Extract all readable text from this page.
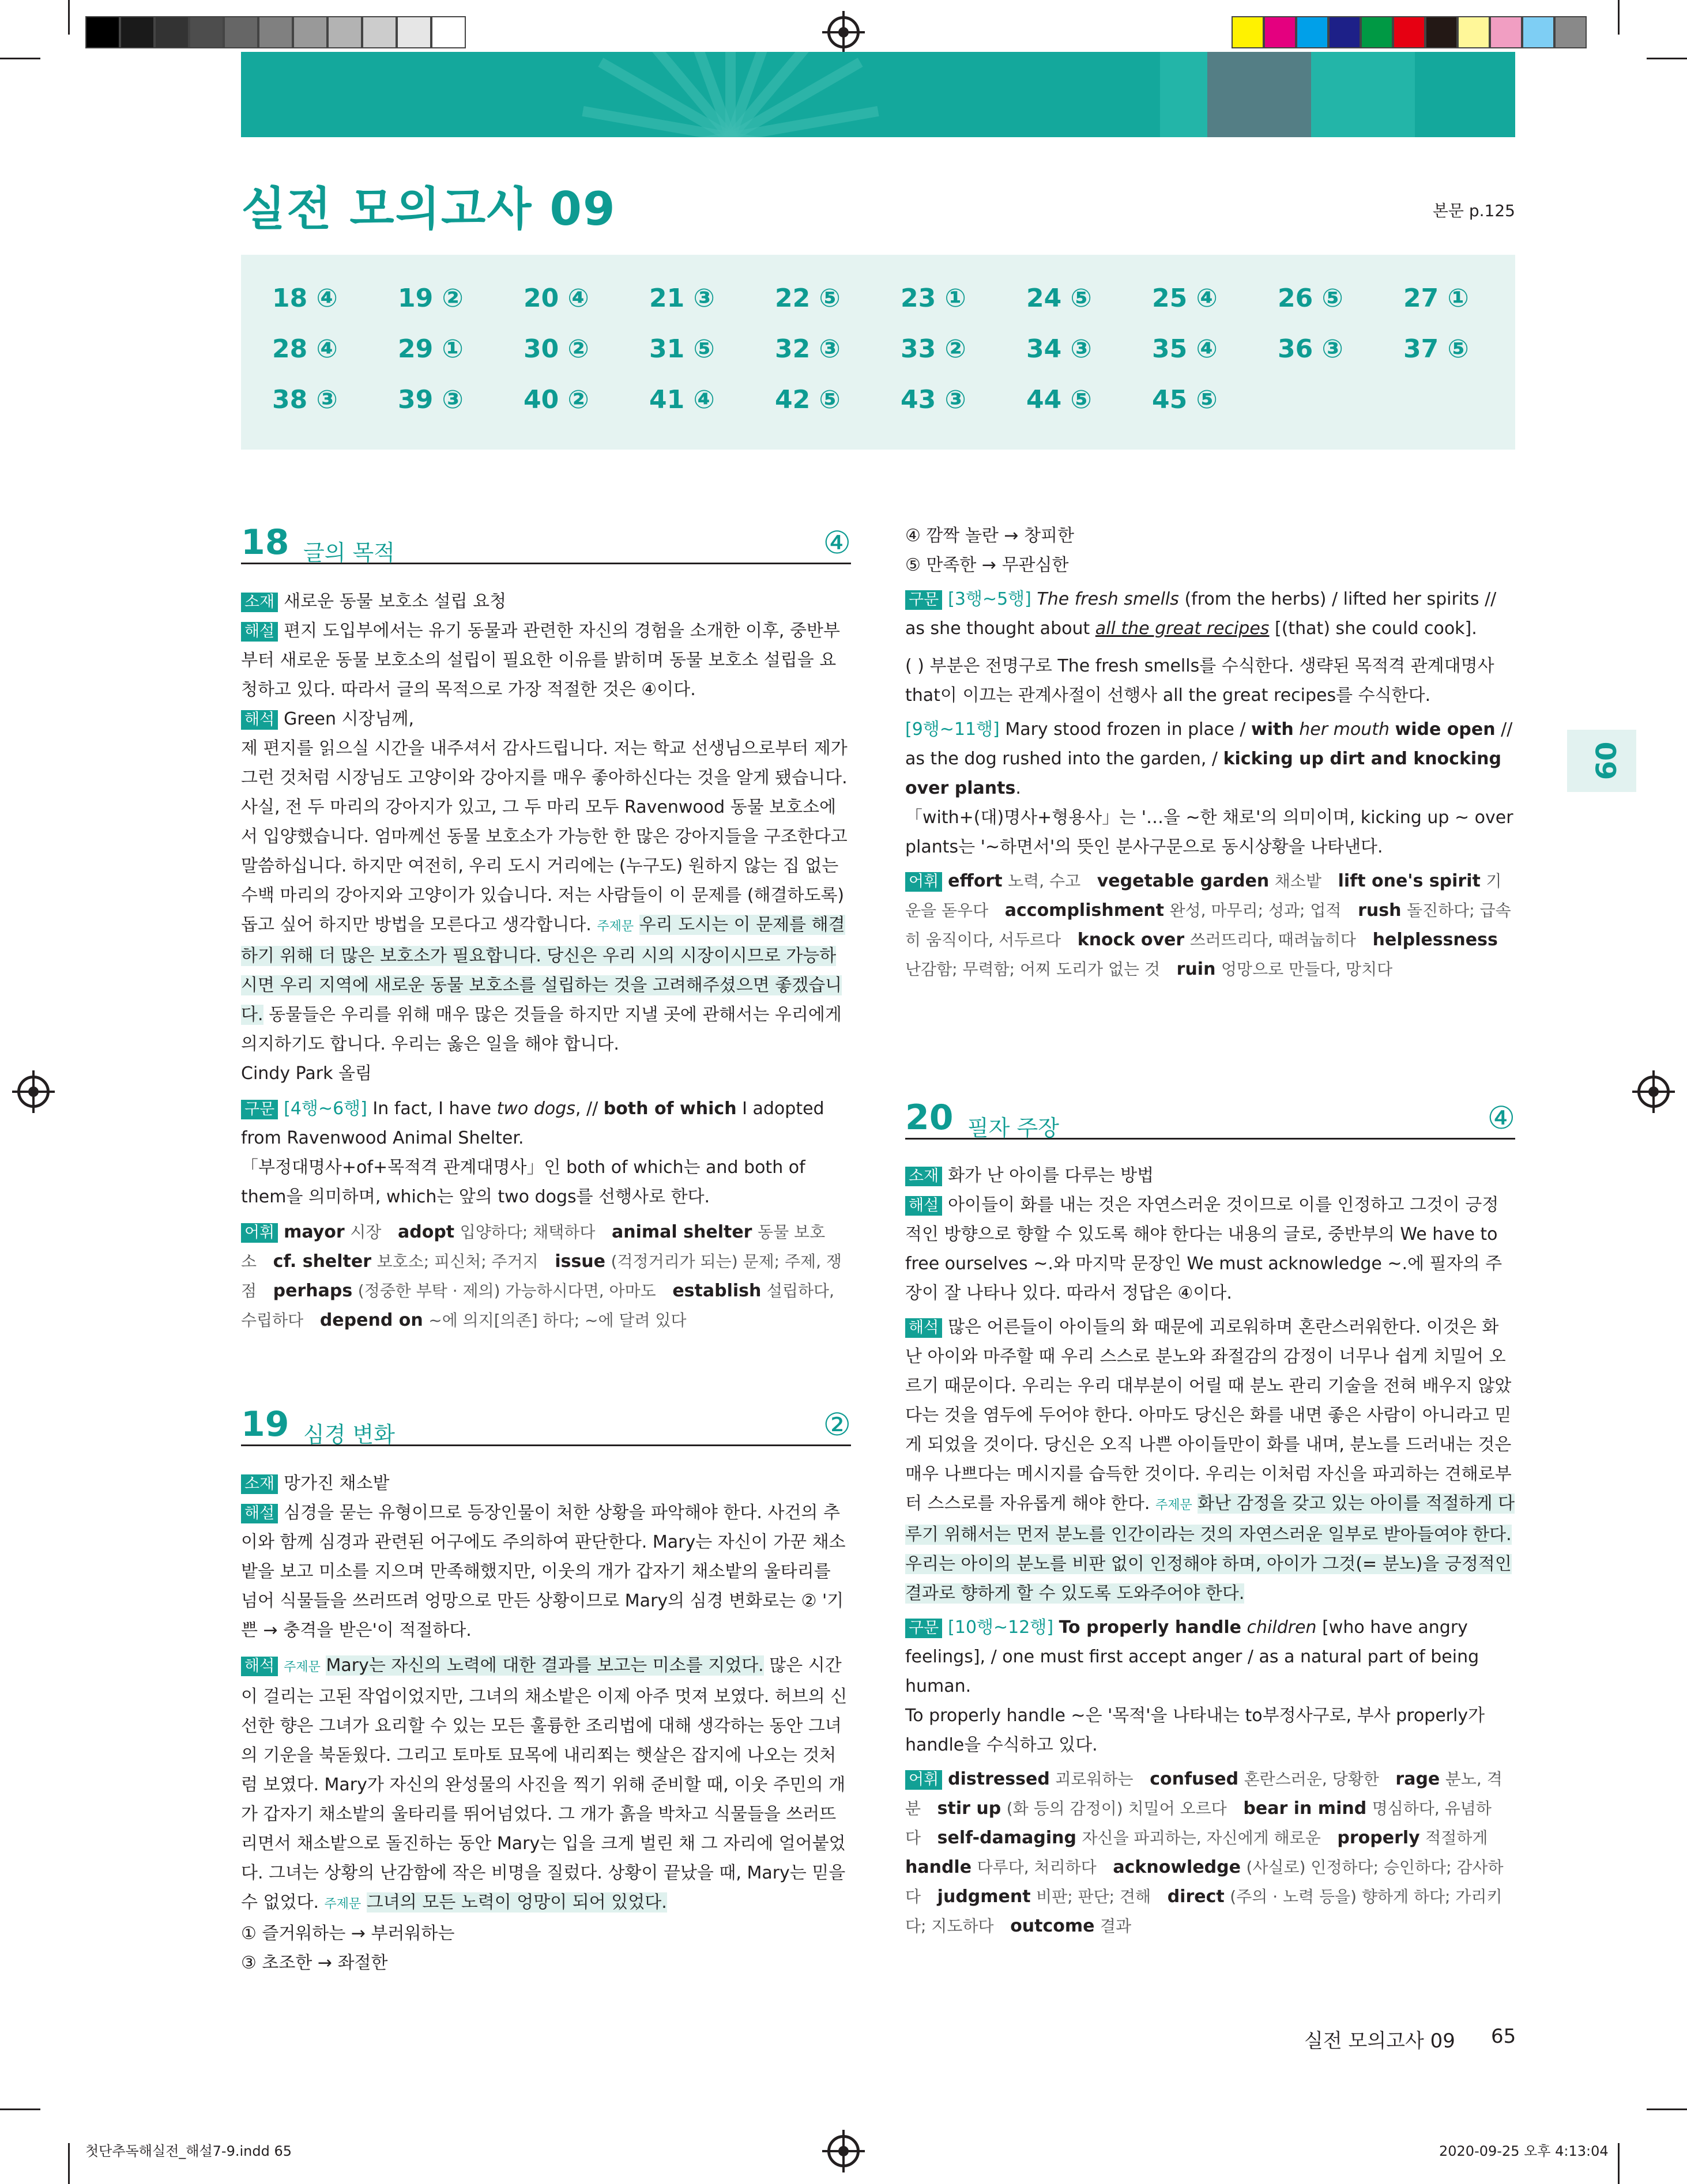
실전 모의고사 09	본문 p.125
09
18 ④ 19 ② 20 ④ 21 ③ 22 ⑤ 23 ① 24 ⑤ 25 ④ 26 ⑤ 27 ①
28 ④ 29 ① 30 ② 31 ⑤ 32 ③ 33 ② 34 ③ 35 ④ 36 ③ 37 ⑤
38 ③ 39 ③ 40 ② 41 ④ 42 ⑤ 43 ③ 44 ⑤ 45 ⑤
18 글의 목적	④

소재 새로운 동물 보호소 설립 요청

해설 편지 도입부에서는 유기 동물과 관련한 자신의 경험을 소개한 이후, 중반부부터 새로운 동물 보호소의 설립이 필요한 이유를 밝히며 동물 보호소 설립을 요청하고 있다. 따라서 글의 목적으로 가장 적절한 것은 ④이다.

해석 Green 시장님께,

제 편지를 읽으실 시간을 내주셔서 감사드립니다. 저는 학교 선생님으로부터 제가 그런 것처럼 시장님도 고양이와 강아지를 매우 좋아하신다는 것을 알게 됐습니다. 사실, 전 두 마리의 강아지가 있고, 그 두 마리 모두 Ravenwood 동물 보호소에서 입양했습니다. 엄마께선 동물 보호소가 가능한 한 많은 강아지들을 구조한다고 말씀하십니다. 하지만 여전히, 우리 도시 거리에는 (누구도) 원하지 않는 집 없는 수백 마리의 강아지와 고양이가 있습니다. 저는 사람들이 이 문제를 (해결하도록) 돕고 싶어 하지만 방법을 모른다고 생각합니다. 주제문 우리 도시는 이 문제를 해결하기 위해 더 많은 보호소가 필요합니다. 당신은 우리 시의 시장이시므로 가능하시면 우리 지역에 새로운 동물 보호소를 설립하는 것을 고려해주셨으면 좋겠습니다. 동물들은 우리를 위해 매우 많은 것들을 하지만 지낼 곳에 관해서는 우리에게 의지하기도 합니다. 우리는 옳은 일을 해야 합니다.

Cindy Park 올림

구문 [4행~6행] In fact, I have two dogs, // both of which I adopted from Ravenwood Animal Shelter.

「부정대명사+of+목적격 관계대명사」인 both of which는 and both of them을 의미하며, which는 앞의 two dogs를 선행사로 한다.

어휘 mayor 시장 adopt 입양하다; 채택하다 animal shelter 동물 보호소 cf. shelter 보호소; 피신처; 주거지 issue (걱정거리가 되는) 문제; 주제, 쟁점 perhaps (정중한 부탁 · 제의) 가능하시다면, 아마도 establish 설립하다, 수립하다 depend on ~에 의지[의존] 하다; ~에 달려 있다

19 심경 변화	②

소재 망가진 채소밭

해설 심경을 묻는 유형이므로 등장인물이 처한 상황을 파악해야 한다. 사건의 추이와 함께 심경과 관련된 어구에도 주의하여 판단한다. Mary는 자신이 가꾼 채소밭을 보고 미소를 지으며 만족해했지만, 이웃의 개가 갑자기 채소밭의 울타리를 넘어 식물들을 쓰러뜨려 엉망으로 만든 상황이므로 Mary의 심경 변화로는 ② '기쁜 → 충격을 받은'이 적절하다.

해석 주제문 Mary는 자신의 노력에 대한 결과를 보고는 미소를 지었다. 많은 시간이 걸리는 고된 작업이었지만, 그녀의 채소밭은 이제 아주 멋져 보였다. 허브의 신선한 향은 그녀가 요리할 수 있는 모든 훌륭한 조리법에 대해 생각하는 동안 그녀의 기운을 북돋웠다. 그리고 토마토 묘목에 내리쬐는 햇살은 잡지에 나오는 것처럼 보였다. Mary가 자신의 완성물의 사진을 찍기 위해 준비할 때, 이웃 주민의 개가 갑자기 채소밭의 울타리를 뛰어넘었다. 그 개가 흙을 박차고 식물들을 쓰러뜨리면서 채소밭으로 돌진하는 동안 Mary는 입을 크게 벌린 채 그 자리에 얼어붙었다. 그녀는 상황의 난감함에 작은 비명을 질렀다. 상황이 끝났을 때, Mary는 믿을 수 없었다. 주제문 그녀의 모든 노력이 엉망이 되어 있었다.

① 즐거워하는 → 부러워하는

③ 초조한 → 좌절한

④ 깜짝 놀란 → 창피한

⑤ 만족한 → 무관심한

구문 [3행~5행] The fresh smells (from the herbs) / lifted her spirits // as she thought about all the great recipes [(that) she could cook].

( ) 부분은 전명구로 The fresh smells를 수식한다. 생략된 목적격 관계대명사 that이 이끄는 관계사절이 선행사 all the great recipes를 수식한다.

[9행~11행] Mary stood frozen in place / with her mouth wide open // as the dog rushed into the garden, / kicking up dirt and knocking over plants.

「with+(대)명사+형용사」는 '…을 ~한 채로'의 의미이며, kicking up ~ over plants는 '~하면서'의 뜻인 분사구문으로 동시상황을 나타낸다.

어휘 effort 노력, 수고 vegetable garden 채소밭 lift one's spirit 기운을 돋우다 accomplishment 완성, 마무리; 성과; 업적 rush 돌진하다; 급속히 움직이다, 서두르다 knock over 쓰러뜨리다, 때려눕히다 helplessness 난감함; 무력함; 어찌 도리가 없는 것 ruin 엉망으로 만들다, 망치다

20 필자 주장	④

소재 화가 난 아이를 다루는 방법

해설 아이들이 화를 내는 것은 자연스러운 것이므로 이를 인정하고 그것이 긍정적인 방향으로 향할 수 있도록 해야 한다는 내용의 글로, 중반부의 We have to free ourselves ~.와 마지막 문장인 We must acknowledge ~.에 필자의 주장이 잘 나타나 있다. 따라서 정답은 ④이다.

해석 많은 어른들이 아이들의 화 때문에 괴로워하며 혼란스러워한다. 이것은 화난 아이와 마주할 때 우리 스스로 분노와 좌절감의 감정이 너무나 쉽게 치밀어 오르기 때문이다. 우리는 우리 대부분이 어릴 때 분노 관리 기술을 전혀 배우지 않았다는 것을 염두에 두어야 한다. 아마도 당신은 화를 내면 좋은 사람이 아니라고 믿게 되었을 것이다. 당신은 오직 나쁜 아이들만이 화를 내며, 분노를 드러내는 것은 매우 나쁘다는 메시지를 습득한 것이다. 우리는 이처럼 자신을 파괴하는 견해로부터 스스로를 자유롭게 해야 한다. 주제문 화난 감정을 갖고 있는 아이를 적절하게 다루기 위해서는 먼저 분노를 인간이라는 것의 자연스러운 일부로 받아들여야 한다. 우리는 아이의 분노를 비판 없이 인정해야 하며, 아이가 그것(= 분노)을 긍정적인 결과로 향하게 할 수 있도록 도와주어야 한다.

구문 [10행~12행] To properly handle children [who have angry feelings], / one must first accept anger / as a natural part of being human.

To properly handle ~은 '목적'을 나타내는 to부정사구로, 부사 properly가 handle을 수식하고 있다.

어휘 distressed 괴로워하는 confused 혼란스러운, 당황한 rage 분노, 격분 stir up (화 등의 감정이) 치밀어 오르다 bear in mind 명심하다, 유념하다 self-damaging 자신을 파괴하는, 자신에게 해로운 properly 적절하게   handle 다루다, 처리하다 acknowledge (사실로) 인정하다; 승인하다; 감사하다 judgment 비판; 판단; 견해 direct (주의 · 노력 등을) 향하게 하다; 가리키다; 지도하다 outcome 결과

실전 모의고사 09 65
첫단추독해실전_해설7-9.indd 65	2020-09-25 오후 4:13:04
